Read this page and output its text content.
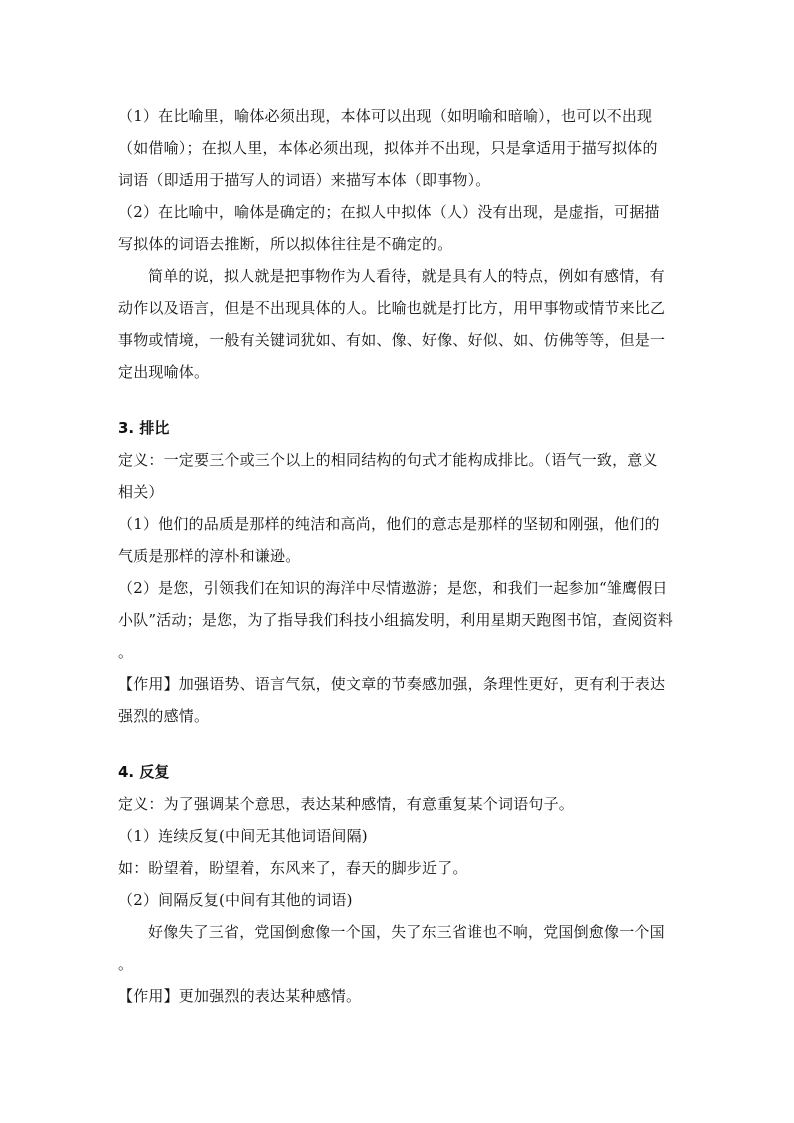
（1）在比喻里，喻体必须出现，本体可以出现（如明喻和暗喻），也可以不出现
（如借喻）；在拟人里，本体必须出现，拟体并不出现，只是拿适用于描写拟体的
词语（即适用于描写人的词语）来描写本体（即事物）。
（2）在比喻中，喻体是确定的；在拟人中拟体（人）没有出现，是虚指，可据描
写拟体的词语去推断，所以拟体往往是不确定的。
简单的说，拟人就是把事物作为人看待，就是具有人的特点，例如有感情，有
动作以及语言，但是不出现具体的人。比喻也就是打比方，用甲事物或情节来比乙
事物或情境，一般有关键词犹如、有如、像、好像、好似、如、仿佛等等，但是一
定出现喻体。
3. 排比
定义：一定要三个或三个以上的相同结构的句式才能构成排比。（语气一致，意义
相关）
（1）他们的品质是那样的纯洁和高尚，他们的意志是那样的坚韧和刚强，他们的
气质是那样的淳朴和谦逊。
（2）是您，引领我们在知识的海洋中尽情遨游；是您，和我们一起参加“雏鹰假日
小队”活动；是您，为了指导我们科技小组搞发明，利用星期天跑图书馆，查阅资料
。
【作用】加强语势、语言气氛，使文章的节奏感加强，条理性更好，更有利于表达
强烈的感情。
4. 反复
定义：为了强调某个意思，表达某种感情，有意重复某个词语句子。
（1）连续反复(中间无其他词语间隔)
如：盼望着，盼望着，东风来了，春天的脚步近了。
（2）间隔反复(中间有其他的词语)
好像失了三省，党国倒愈像一个国，失了东三省谁也不响，党国倒愈像一个国
。
【作用】更加强烈的表达某种感情。
